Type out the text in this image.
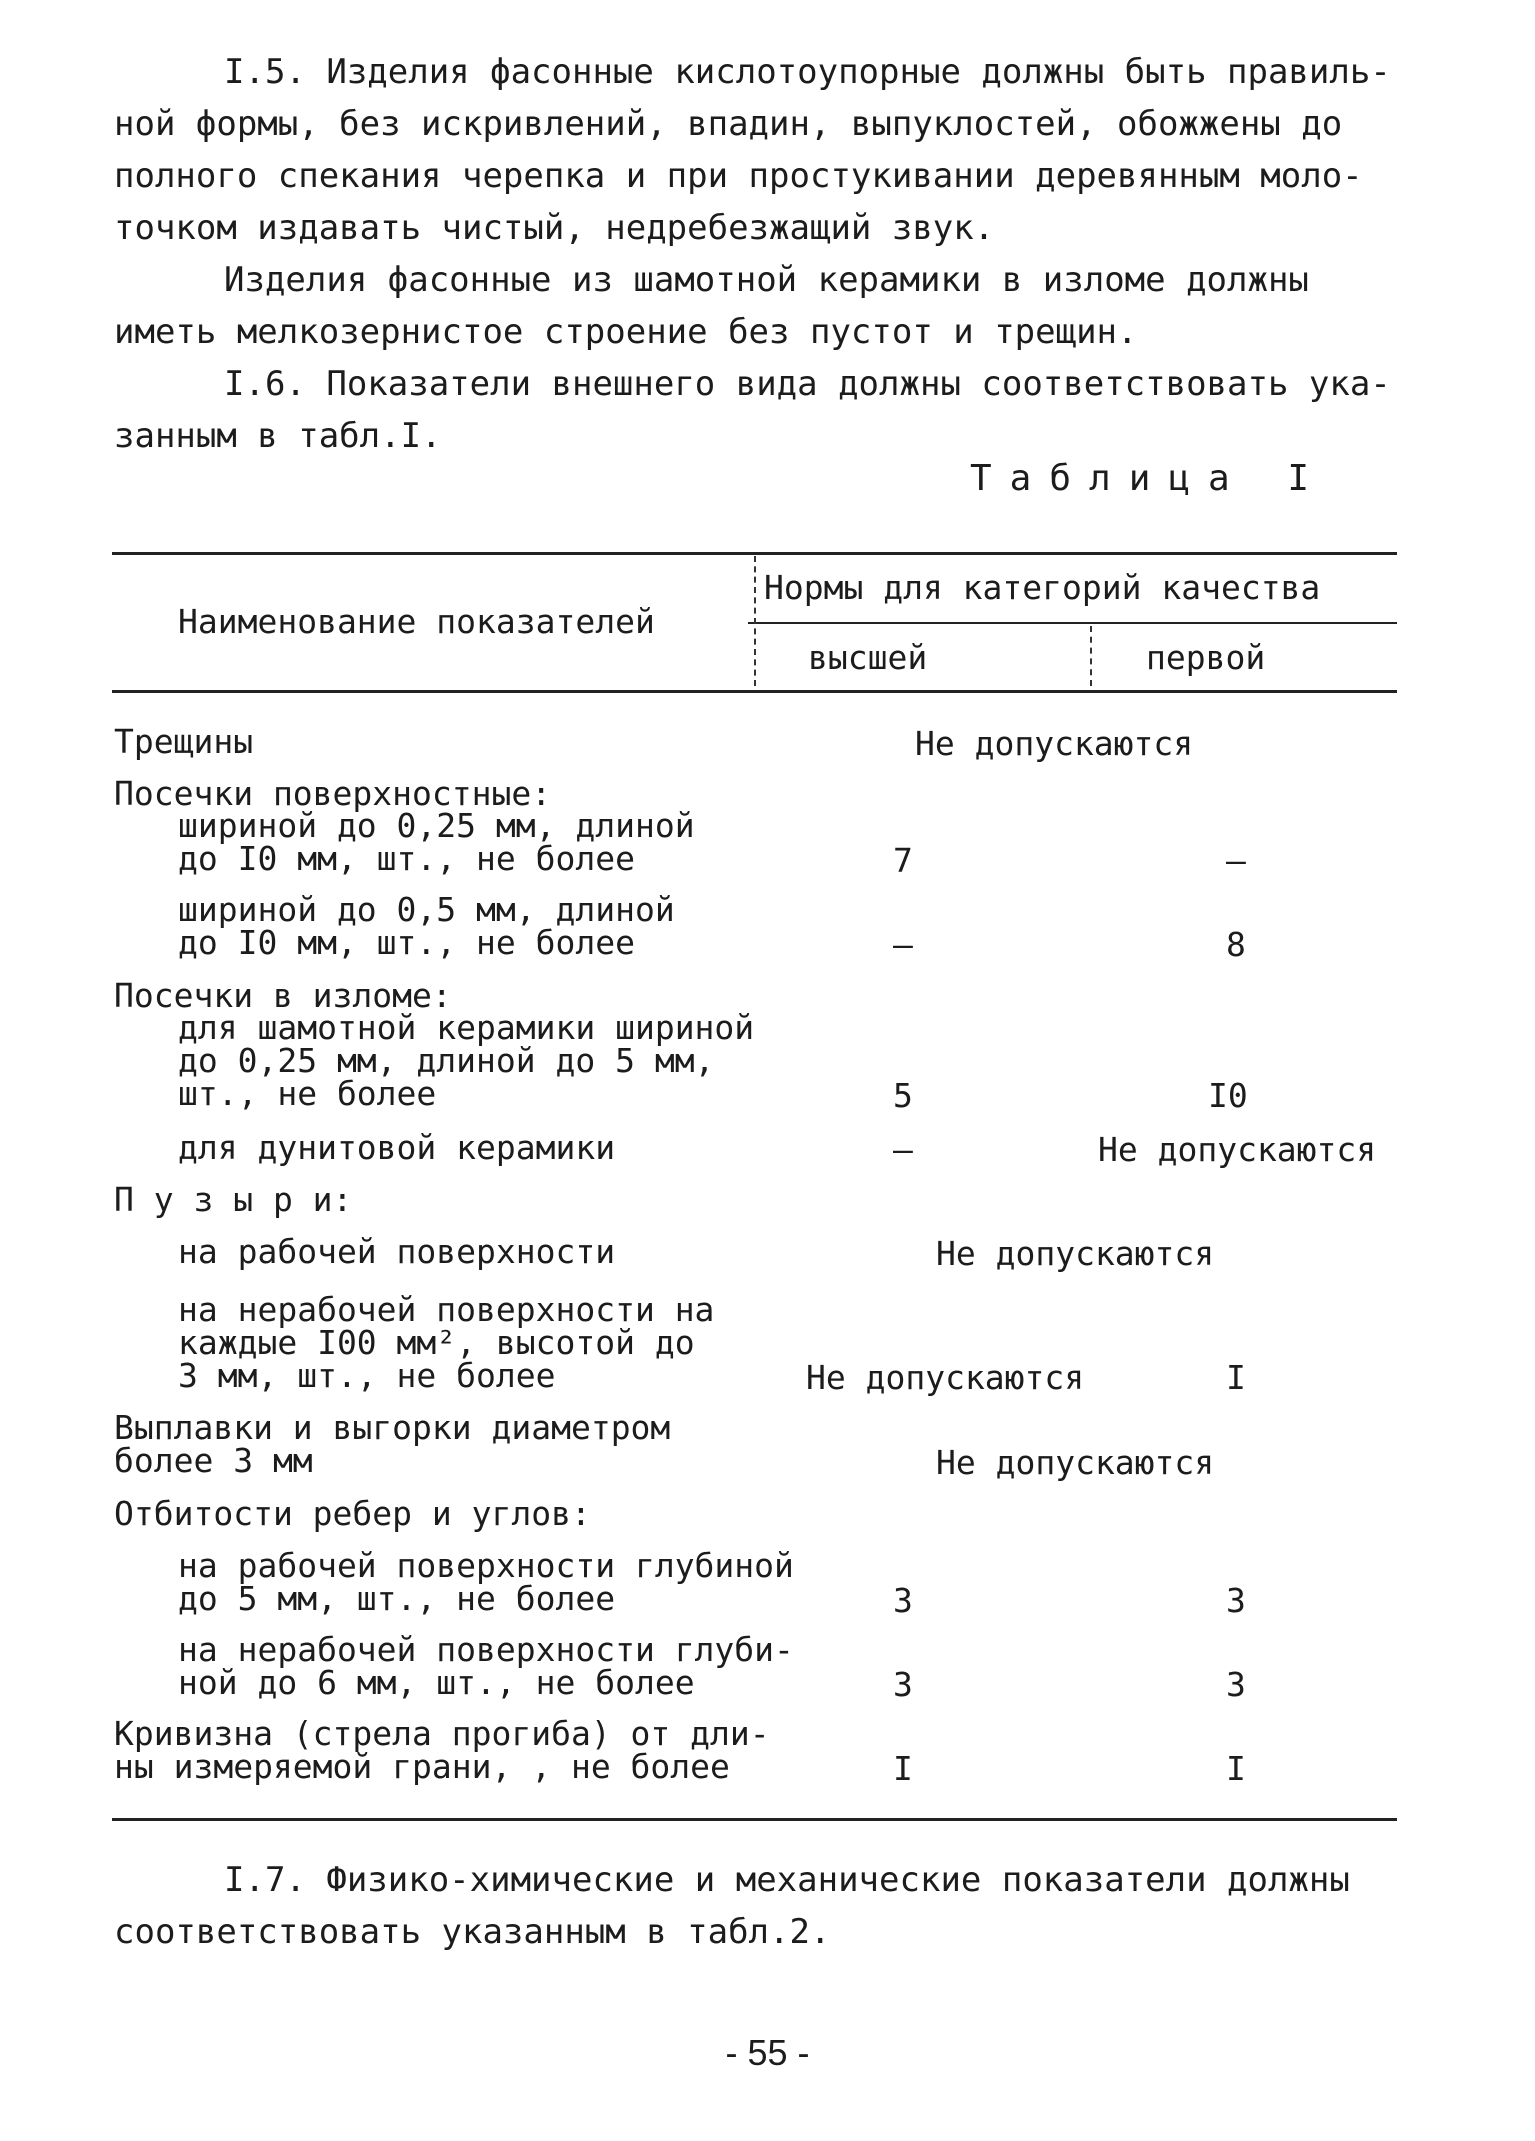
I.5. Изделия фасонные кислотоупорные должны быть правиль-
ной формы, без искривлений, впадин, выпуклостей, обожжены до
полного спекания черепка и при простукивании деревянным моло-
точком издавать чистый, недребезжащий звук.

Изделия фасонные из шамотной керамики в изломе должны
иметь мелкозернистое строение без пустот и трещин.

I.6. Показатели внешнего вида должны соответствовать ука-
занным в табл.I.

Таблица I
Наименование показателей
Нормы для категорий качества
высшей	первой
Трещины	Не допускаются
Посечки поверхностные:
шириной до 0,25 мм, длиной
до I0 мм, шт., не более	7	–
шириной до 0,5 мм, длиной
до I0 мм, шт., не более	–	8
Посечки в изломе:
для шамотной керамики шириной
до 0,25 мм, длиной до 5 мм,
шт., не более	5	I0
для дунитовой керамики	–	Не допускаются
П у з ы р и:
на рабочей поверхности	Не допускаются
на нерабочей поверхности на
каждые I00 мм², высотой до
3 мм, шт., не более	Не допускаются	I
Выплавки и выгорки диаметром
более 3 мм	Не допускаются
Отбитости ребер и углов:
на рабочей поверхности глубиной
до 5 мм, шт., не более	3	3
на нерабочей поверхности глуби-
ной до 6 мм, шт., не более	3	3
Кривизна (стрела прогиба) от дли-
ны измеряемой грани, , не более	I	I

I.7. Физико-химические и механические показатели должны
соответствовать указанным в табл.2.

- 55 -
